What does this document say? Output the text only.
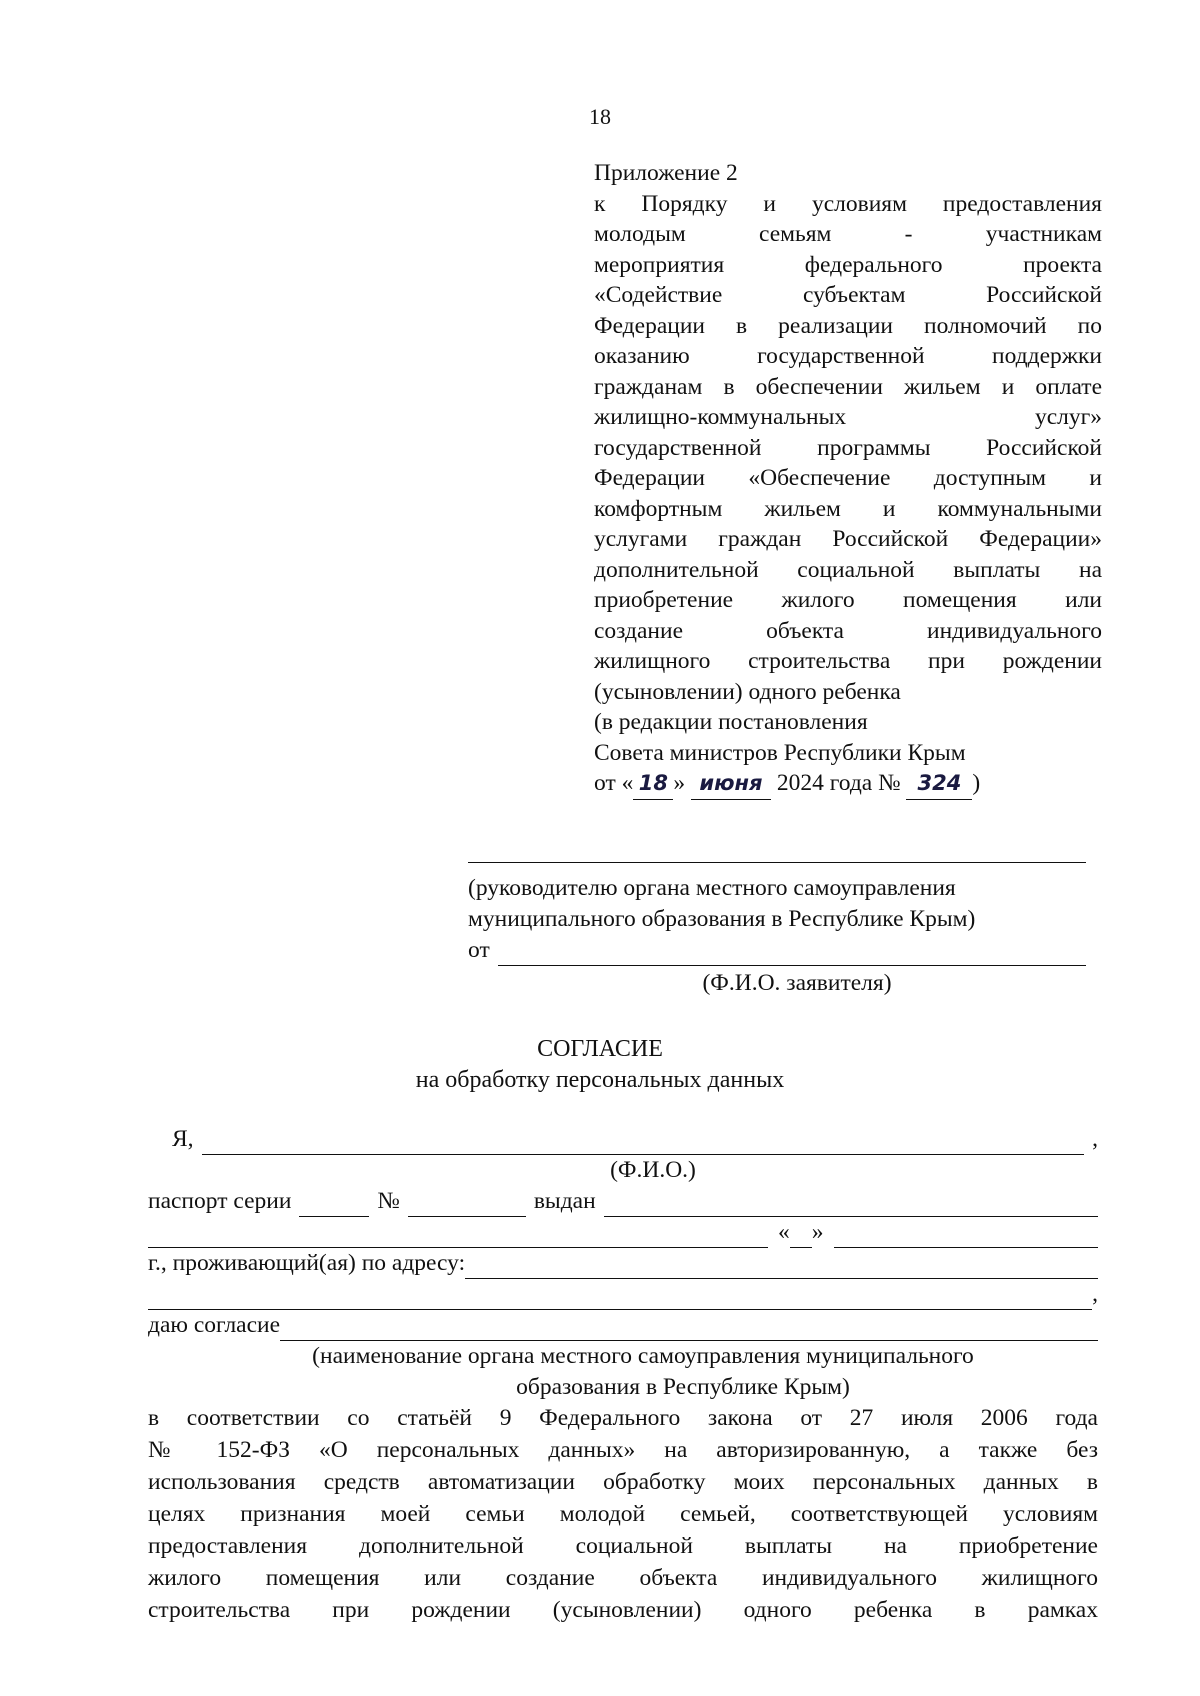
18
Приложение 2
к Порядку и условиям предоставления
молодым семьям - участникам
мероприятия федерального проекта
«Содействие субъектам Российской
Федерации в реализации полномочий по
оказанию государственной поддержки
гражданам в обеспечении жильем и оплате
жилищно-коммунальных услуг»
государственной программы Российской
Федерации «Обеспечение доступным и
комфортным жильем и коммунальными
услугами граждан Российской Федерации»
дополнительной социальной выплаты на
приобретение жилого помещения или
создание объекта индивидуального
жилищного строительства при рождении
(усыновлении) одного ребенка
(в редакции постановления
Совета министров Республики Крым
от « 18 » июня 2024 года № 324 )
(руководителю органа местного самоуправления
муниципального образования в Республике Крым)
от
(Ф.И.О. заявителя)
СОГЛАСИЕ
на обработку персональных данных
Я,	,
(Ф.И.О.)
паспорт серии	№	выдан
« »
г., проживающий(ая) по адресу:
,
даю согласие
(наименование органа местного самоуправления муниципального
образования в Республике Крым)
в соответствии со статьёй 9 Федерального закона от 27 июля 2006 года
№ 152-ФЗ «О персональных данных» на авторизированную, а также без
использования средств автоматизации обработку моих персональных данных в
целях признания моей семьи молодой семьей, соответствующей условиям
предоставления дополнительной социальной выплаты на приобретение
жилого помещения или создание объекта индивидуального жилищного
строительства при рождении (усыновлении) одного ребенка в рамках
